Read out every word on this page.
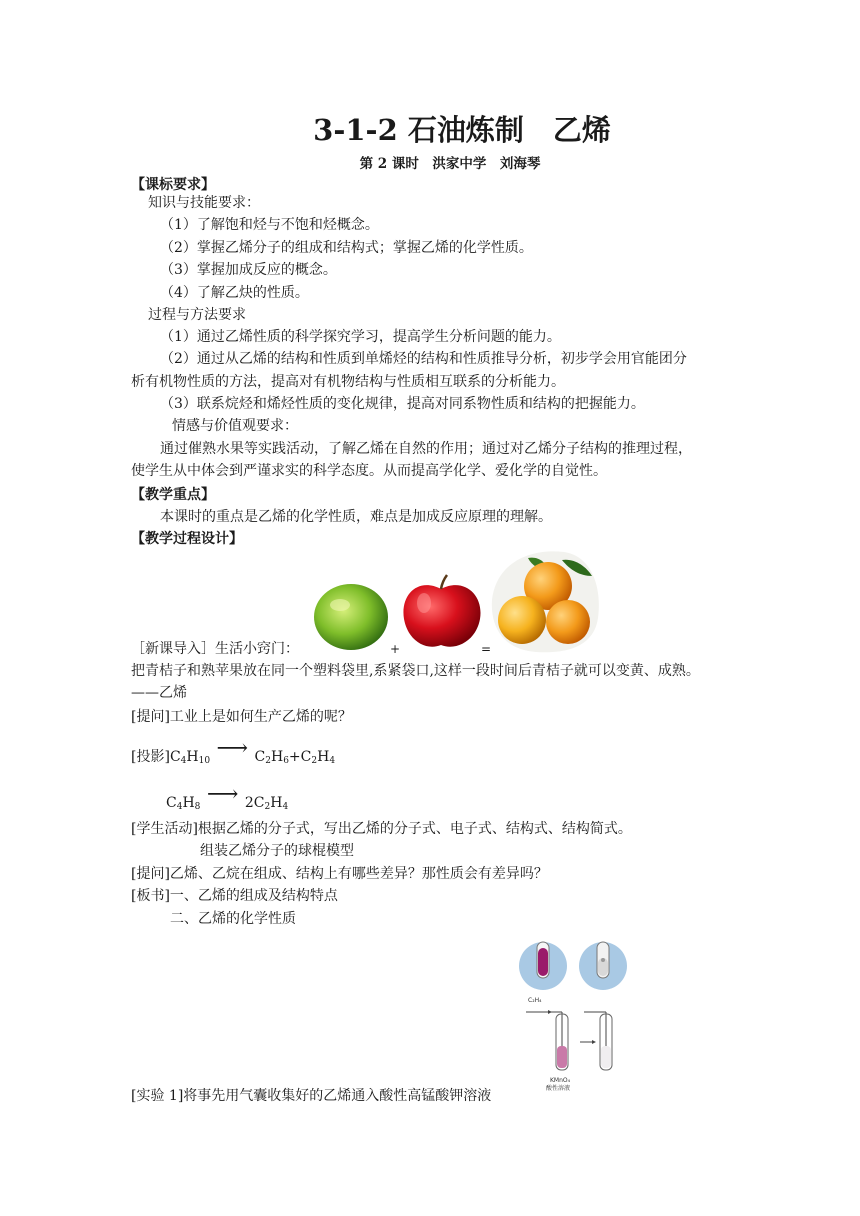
3-1-2 石油炼制　乙烯
第 2 课时　洪家中学　刘海琴
【课标要求】
知识与技能要求：
（1）了解饱和烃与不饱和烃概念。
（2）掌握乙烯分子的组成和结构式；掌握乙烯的化学性质。
（3）掌握加成反应的概念。
（4）了解乙炔的性质。
过程与方法要求
（1）通过乙烯性质的科学探究学习，提高学生分析问题的能力。
（2）通过从乙烯的结构和性质到单烯烃的结构和性质推导分析，初步学会用官能团分
析有机物性质的方法，提高对有机物结构与性质相互联系的分析能力。
（3）联系烷烃和烯烃性质的变化规律，提高对同系物性质和结构的把握能力。
情感与价值观要求：
通过催熟水果等实践活动，了解乙烯在自然的作用；通过对乙烯分子结构的推理过程，
使学生从中体会到严谨求实的科学态度。从而提高学化学、爱化学的自觉性。
【教学重点】
本课时的重点是乙烯的化学性质，难点是加成反应原理的理解。
【教学过程设计】
［新课导入］生活小窍门：	+	=
把青桔子和熟苹果放在同一个塑料袋里,系紧袋口,这样一段时间后青桔子就可以变黄、成熟。
——乙烯
[提问]工业上是如何生产乙烯的呢？
[投影]$C_4H_{10}$ ⟶ $C_2H_6+C_2H_4$
$C_4H_8$ ⟶ $2C_2H_4$
[学生活动]根据乙烯的分子式，写出乙烯的分子式、电子式、结构式、结构简式。
组装乙烯分子的球棍模型
[提问]乙烯、乙烷在组成、结构上有哪些差异？那性质会有差异吗？
[板书]一、乙烯的组成及结构特点
二、乙烯的化学性质
C₂H₄
KMnO₄
酸性溶液
[实验 1]将事先用气囊收集好的乙烯通入酸性高锰酸钾溶液
